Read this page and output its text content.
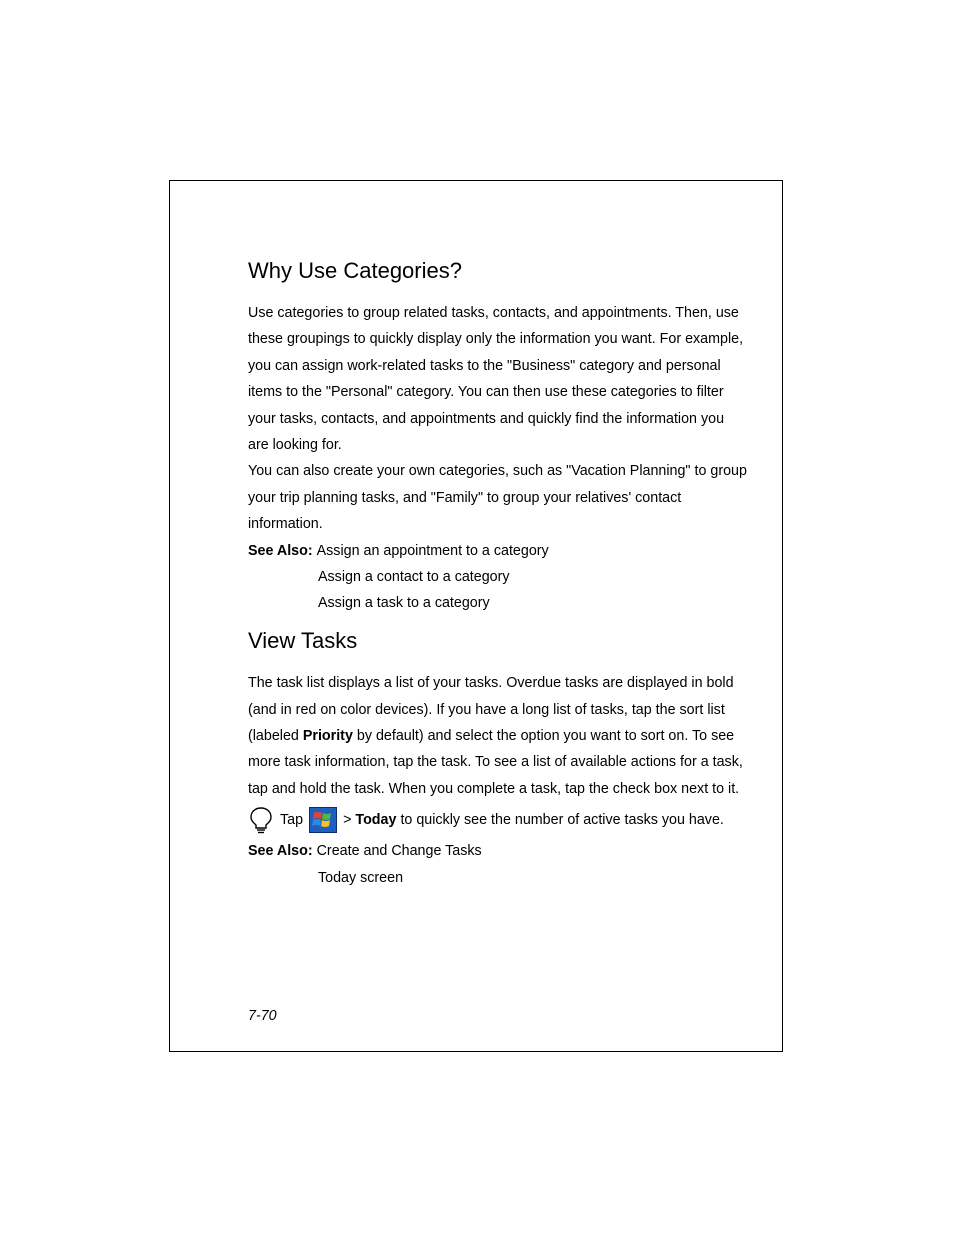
Why Use Categories?

Use categories to group related tasks, contacts, and appointments. Then, use these groupings to quickly display only the information you want. For example, you can assign work-related tasks to the "Business" category and personal items to the "Personal" category. You can then use these categories to filter your tasks, contacts, and appointments and quickly find the information you are looking for.

You can also create your own categories, such as "Vacation Planning" to group your trip planning tasks, and "Family" to group your relatives' contact information.

See Also: Assign an appointment to a category
Assign a contact to a category
Assign a task to a category
View Tasks

The task list displays a list of your tasks. Overdue tasks are displayed in bold (and in red on color devices). If you have a long list of tasks, tap the sort list (labeled Priority by default) and select the option you want to sort on. To see more task information, tap the task. To see a list of available actions for a task, tap and hold the task. When you complete a task, tap the check box next to it.

Tap	>
Today
to quickly see the number of active tasks you have.
See Also: Create and Change Tasks
Today screen
7-70
